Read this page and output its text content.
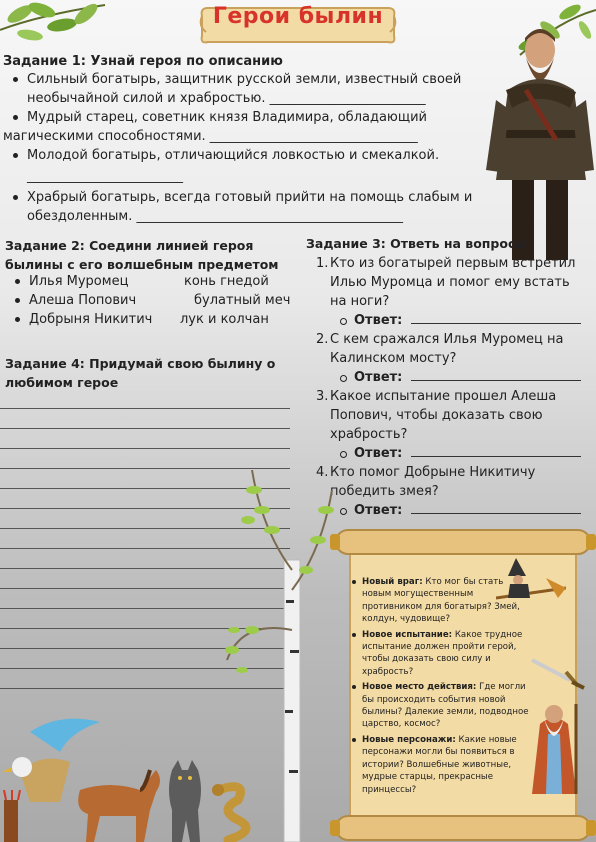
Герои былин
Задание 1: Узнай героя по описанию
Сильный богатырь, защитник русской земли, известный своей
необычайной силой и храбростью. ________________________
Мудрый старец, советник князя Владимира, обладающий
магическими способностями. ________________________________
Молодой богатырь, отличающийся ловкостью и смекалкой.
________________________
Храбрый богатырь, всегда готовый прийти на помощь слабым и
обездоленным. _________________________________________
Задание 2: Соедини линией героя
былины с его волшебным предметом
Илья Муромец
Алеша Попович
Добрыня Никитич
конь гнедой
булатный меч
лук и колчан
Задание 3: Ответь на вопросы
1. Кто из богатырей первым встретил
Илью Муромца и помог ему встать
на ноги?
Ответ:
2. С кем сражался Илья Муромец на
Калинском мосту?
Ответ:
3. Какое испытание прошел Алеша
Попович, чтобы доказать свою
храбрость?
Ответ:
4. Кто помог Добрыне Никитичу
победить змея?
Ответ:
Задание 4: Придумай свою былину о
любимом герое
Новый враг: Кто мог бы стать новым могущественным противником для богатыря? Змей, колдун, чудовище?
Новое испытание: Какое трудное испытание должен пройти герой, чтобы доказать свою силу и храбрость?
Новое место действия: Где могли бы происходить события новой былины? Далекие земли, подводное царство, космос?
Новые персонажи: Какие новые персонажи могли бы появиться в истории? Волшебные животные, мудрые старцы, прекрасные принцессы?
